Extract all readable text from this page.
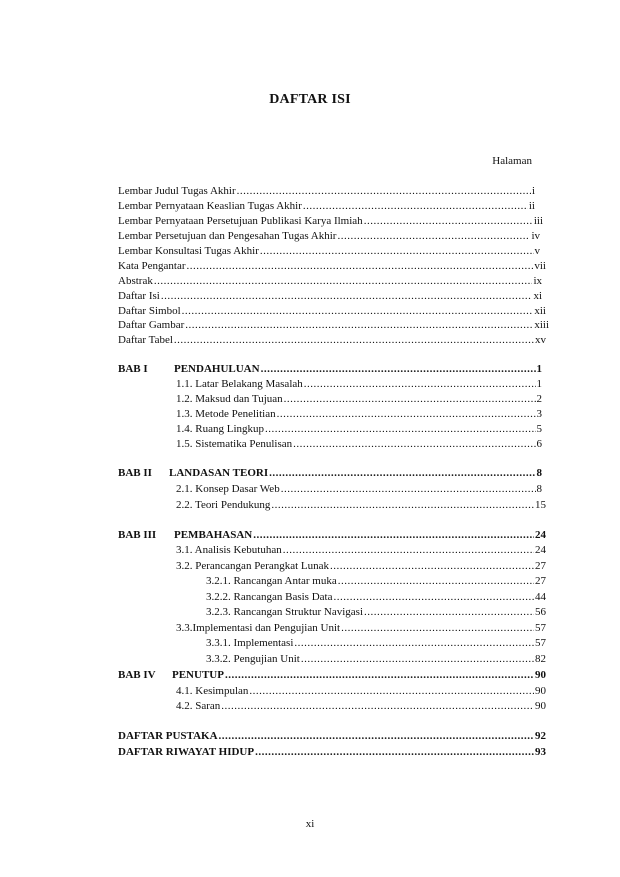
DAFTAR ISI
Halaman
Lembar Judul Tugas Akhir .....	i
Lembar Pernyataan Keaslian Tugas Akhir .....	ii
Lembar Pernyataan Persetujuan Publikasi Karya Ilmiah .....	iii
Lembar Persetujuan dan Pengesahan Tugas Akhir .....	iv
Lembar Konsultasi Tugas Akhir .....	v
Kata Pengantar .....	vii
Abstrak .....	ix
Daftar Isi .....	xi
Daftar Simbol .....	xii
Daftar Gambar .....	xiii
Daftar Tabel .....	xv
BAB I PENDAHULUAN .....	1
1.1. Latar Belakang Masalah .....	1
1.2. Maksud dan Tujuan .....	2
1.3. Metode Penelitian .....	3
1.4. Ruang Lingkup .....	5
1.5. Sistematika Penulisan .....	6
BAB II LANDASAN TEORI .....	8
2.1. Konsep Dasar Web .....	8
2.2. Teori Pendukung .....	15
BAB III PEMBAHASAN .....	24
3.1. Analisis Kebutuhan .....	24
3.2. Perancangan Perangkat Lunak .....	27
3.2.1. Rancangan Antar muka .....	27
3.2.2. Rancangan Basis Data .....	44
3.2.3. Rancangan Struktur Navigasi .....	56
3.3.Implementasi dan Pengujian Unit .....	57
3.3.1. Implementasi .....	57
3.3.2. Pengujian Unit .....	82
BAB IV PENUTUP .....	90
4.1. Kesimpulan .....	90
4.2. Saran .....	90
DAFTAR PUSTAKA .....	92
DAFTAR RIWAYAT HIDUP .....	93
xi
